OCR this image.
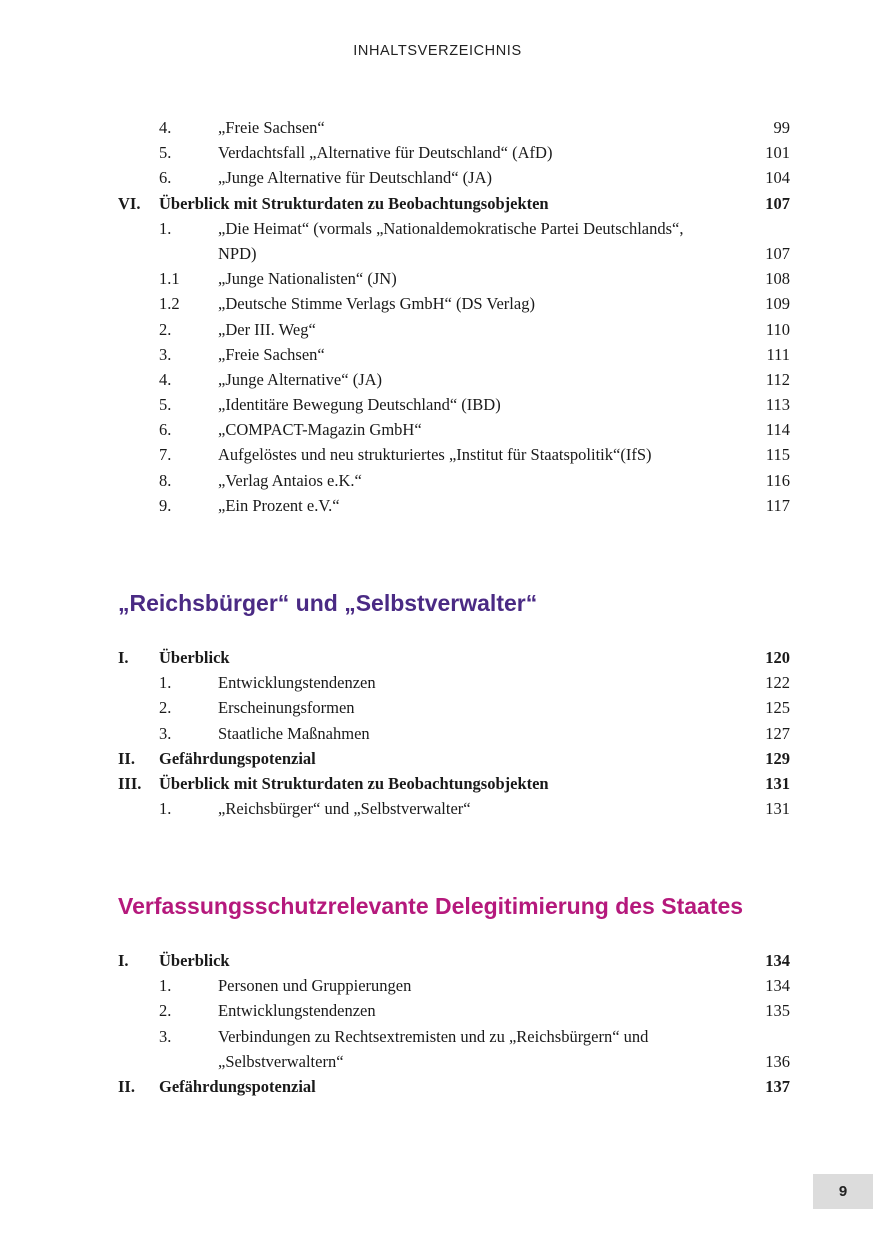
INHALTSVERZEICHNIS
4.	„Freie Sachsen“	99
5.	Verdachtsfall „Alternative für Deutschland“ (AfD)	101
6.	„Junge Alternative für Deutschland“ (JA)	104
VI. Überblick mit Strukturdaten zu Beobachtungsobjekten	107
1.	„Die Heimat“ (vormals „Nationaldemokratische Partei Deutschlands“,
NPD)	107
1.1 „Junge Nationalisten“ (JN)	108
1.2 „Deutsche Stimme Verlags GmbH“ (DS Verlag)	109
2.	„Der III. Weg“	110
3.	„Freie Sachsen“	111
4.	„Junge Alternative“ (JA)	112
5.	„Identitäre Bewegung Deutschland“ (IBD)	113
6.	„COMPACT-Magazin GmbH“	114
7.	Aufgelöstes und neu strukturiertes „Institut für Staatspolitik“(IfS)	115
8.	„Verlag Antaios e.K.“	116
9.	„Ein Prozent e.V.“	117
„Reichsbürger“ und „Selbstverwalter“
I. Überblick	120
1.	Entwicklungstendenzen	122
2.	Erscheinungsformen	125
3.	Staatliche Maßnahmen	127
II. Gefährdungspotenzial	129
III. Überblick mit Strukturdaten zu Beobachtungsobjekten	131
1.	„Reichsbürger“ und „Selbstverwalter“	131
Verfassungsschutzrelevante Delegitimierung des Staates
I. Überblick	134
1.	Personen und Gruppierungen	134
2.	Entwicklungstendenzen	135
3.	Verbindungen zu Rechtsextremisten und zu „Reichsbürgern“ und
„Selbstverwaltern“	136
II. Gefährdungspotenzial	137
9
